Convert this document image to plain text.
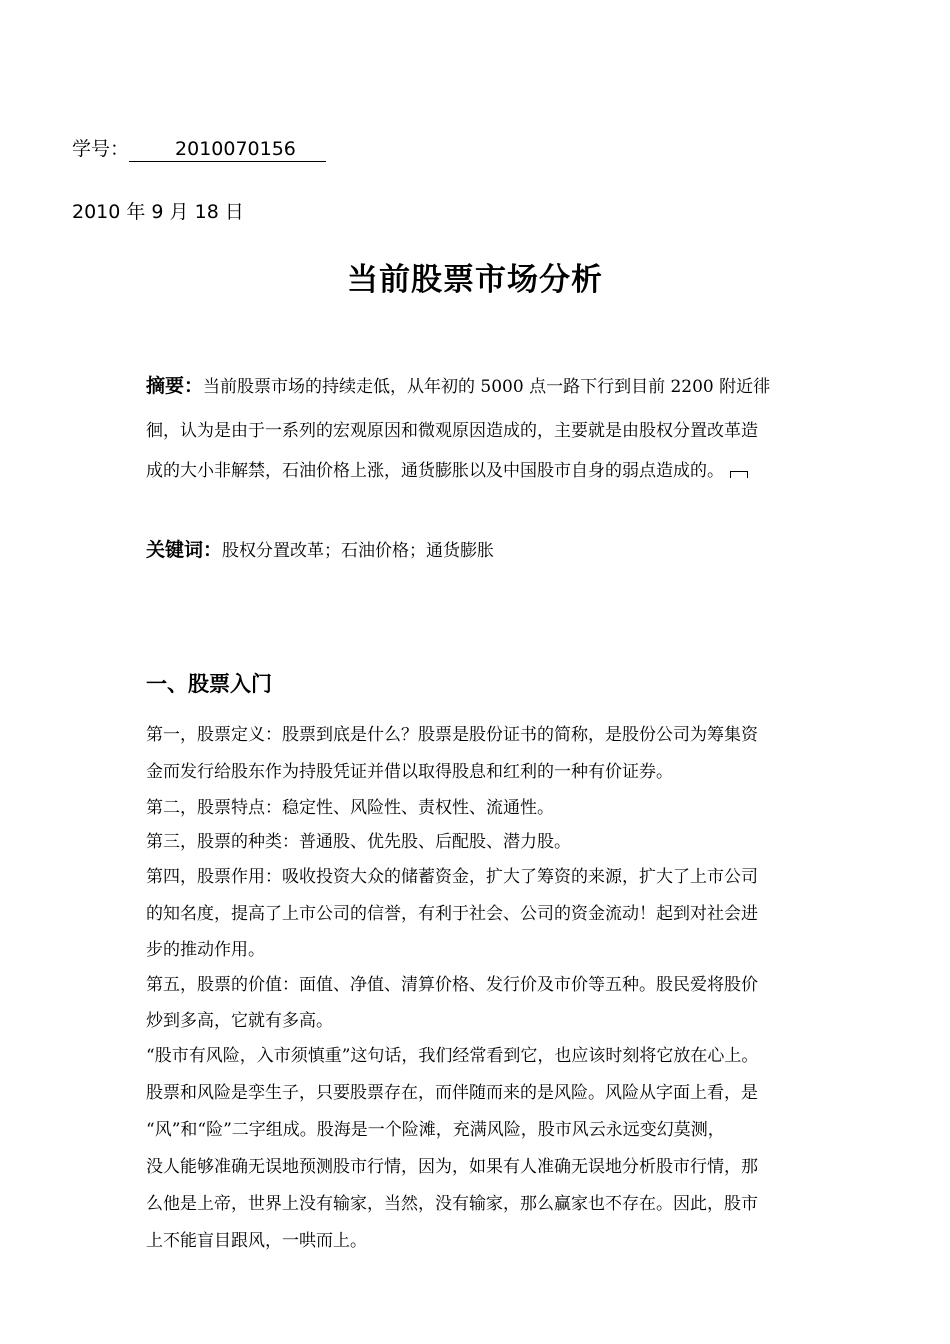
学号： 2010070156
2010 年 9 月 18 日
当前股票市场分析

摘要：当前股票市场的持续走低，从年初的 5000 点一路下行到目前 2200 附近徘

徊，认为是由于一系列的宏观原因和微观原因造成的，主要就是由股权分置改革造

成的大小非解禁，石油价格上涨，通货膨胀以及中国股市自身的弱点造成的。

关键词：股权分置改革；石油价格；通货膨胀

一、股票入门

第一，股票定义：股票到底是什么？股票是股份证书的简称，是股份公司为筹集资

金而发行给股东作为持股凭证并借以取得股息和红利的一种有价证券。

第二，股票特点：稳定性、风险性、责权性、流通性。

第三，股票的种类：普通股、优先股、后配股、潜力股。

第四，股票作用：吸收投资大众的储蓄资金，扩大了筹资的来源，扩大了上市公司

的知名度，提高了上市公司的信誉，有利于社会、公司的资金流动！起到对社会进

步的推动作用。

第五，股票的价值：面值、净值、清算价格、发行价及市价等五种。股民爱将股价

炒到多高，它就有多高。

“股市有风险，入市须慎重”这句话，我们经常看到它，也应该时刻将它放在心上。

股票和风险是孪生子，只要股票存在，而伴随而来的是风险。风险从字面上看，是

“风”和“险”二字组成。股海是一个险滩，充满风险，股市风云永远变幻莫测，

没人能够准确无误地预测股市行情，因为，如果有人准确无误地分析股市行情，那

么他是上帝，世界上没有输家，当然，没有输家，那么赢家也不存在。因此，股市

上不能盲目跟风，一哄而上。
